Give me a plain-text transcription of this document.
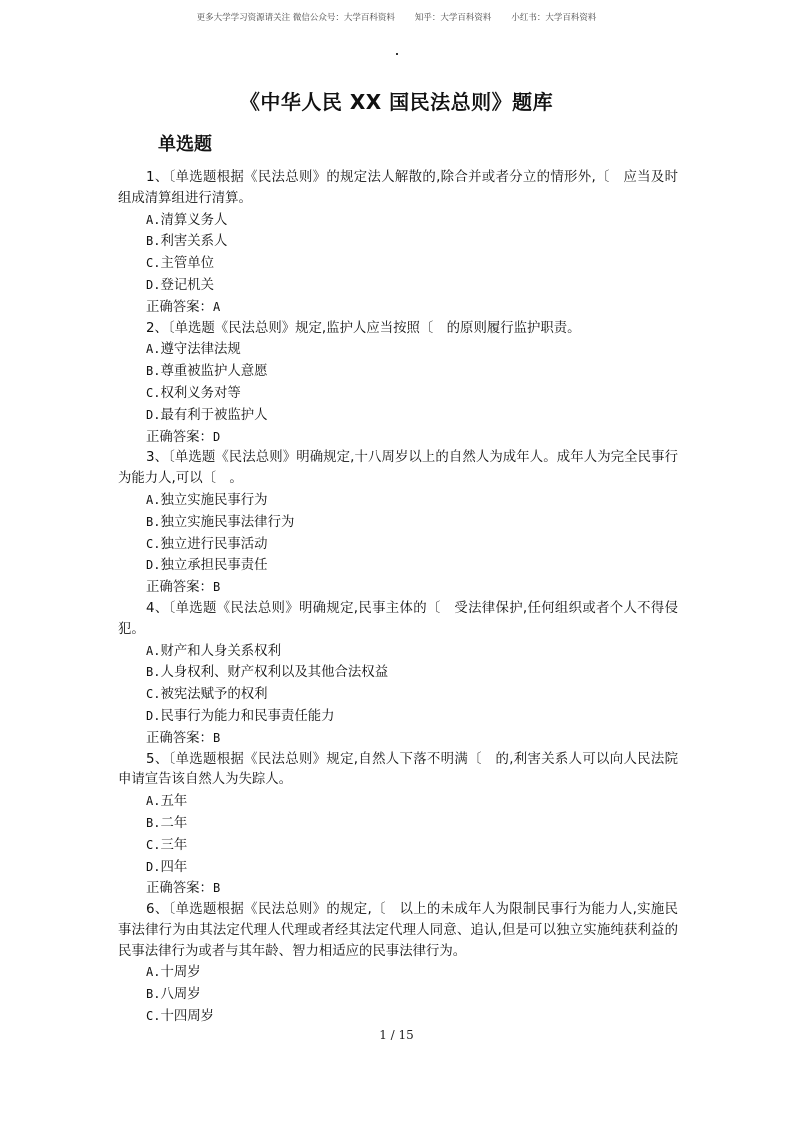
更多大学学习资源请关注 微信公众号：大学百科资料 知乎：大学百科资料 小红书：大学百科资料
《中华人民 XX 国民法总则》题库
单选题
1、〔单选题根据《民法总则》的规定法人解散的,除合并或者分立的情形外,〔　应当及时组成清算组进行清算。
A.清算义务人
B.利害关系人
C.主管单位
D.登记机关
正确答案：A
2、〔单选题《民法总则》规定,监护人应当按照〔　的原则履行监护职责。
A.遵守法律法规
B.尊重被监护人意愿
C.权利义务对等
D.最有利于被监护人
正确答案：D
3、〔单选题《民法总则》明确规定,十八周岁以上的自然人为成年人。成年人为完全民事行为能力人,可以〔　。
A.独立实施民事行为
B.独立实施民事法律行为
C.独立进行民事活动
D.独立承担民事责任
正确答案：B
4、〔单选题《民法总则》明确规定,民事主体的〔　受法律保护,任何组织或者个人不得侵犯。
A.财产和人身关系权利
B.人身权利、财产权利以及其他合法权益
C.被宪法赋予的权利
D.民事行为能力和民事责任能力
正确答案：B
5、〔单选题根据《民法总则》规定,自然人下落不明满〔　的,利害关系人可以向人民法院申请宣告该自然人为失踪人。
A.五年
B.二年
C.三年
D.四年
正确答案：B
6、〔单选题根据《民法总则》的规定,〔　以上的未成年人为限制民事行为能力人,实施民事法律行为由其法定代理人代理或者经其法定代理人同意、追认,但是可以独立实施纯获利益的民事法律行为或者与其年龄、智力相适应的民事法律行为。
A.十周岁
B.八周岁
C.十四周岁
1 / 15
